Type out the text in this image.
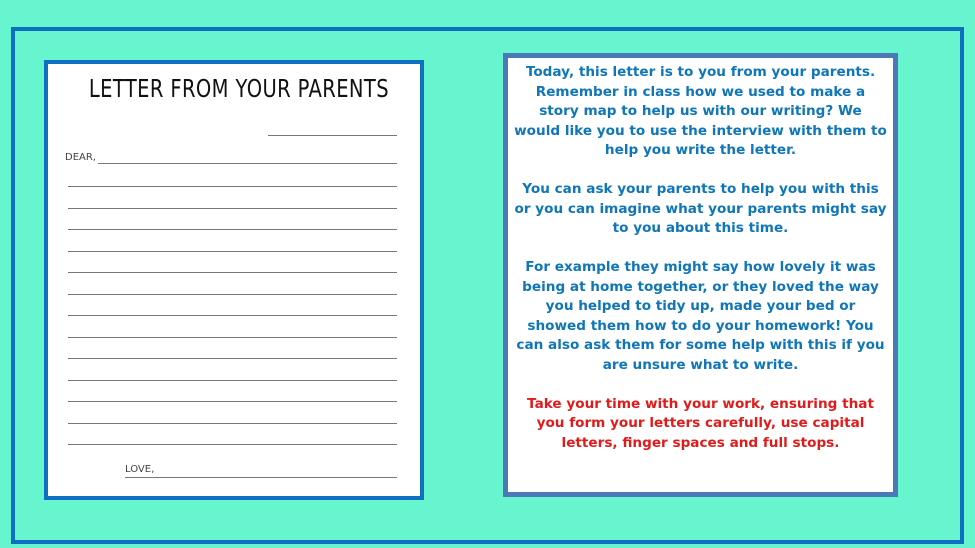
LETTER FROM YOUR PARENTS
DEAR,
LOVE,

Today, this letter is to you from your parents. Remember in class how we used to make a story map to help us with our writing? We would like you to use the interview with them to help you write the letter.

You can ask your parents to help you with this or you can imagine what your parents might say to you about this time.

For example they might say how lovely it was being at home together, or they loved the way you helped to tidy up, made your bed or showed them how to do your homework! You can also ask them for some help with this if you are unsure what to write.

Take your time with your work, ensuring that you form your letters carefully, use capital letters, finger spaces and full stops.
